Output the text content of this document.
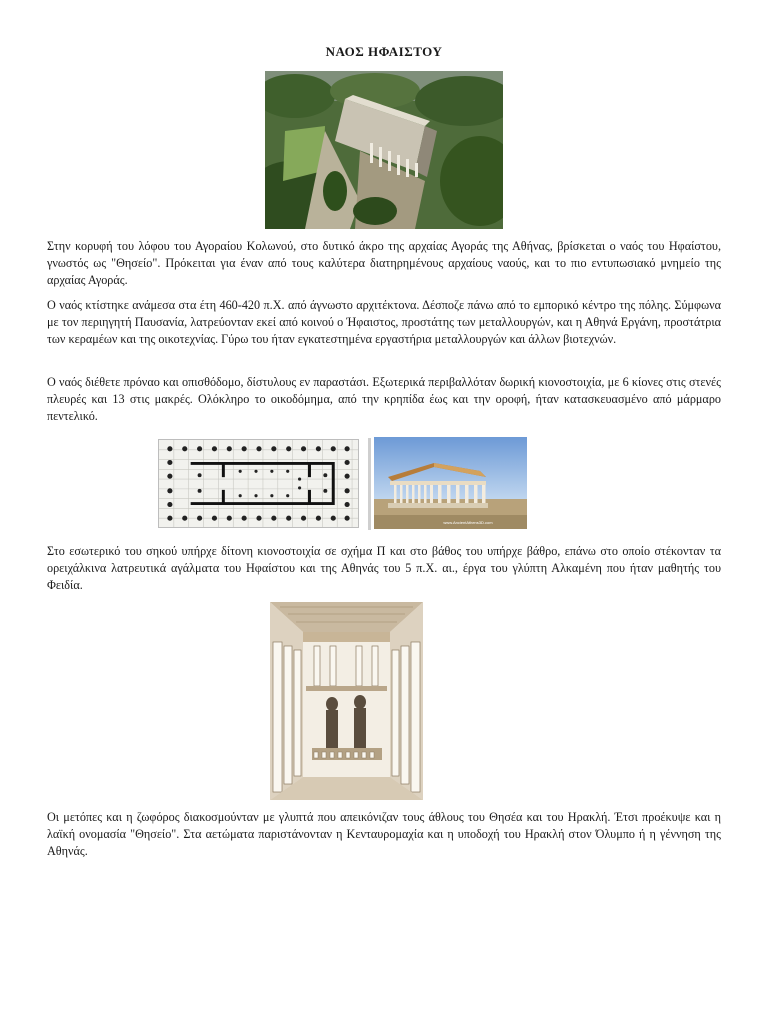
ΝΑΟΣ ΗΦΑΙΣΤΟΥ

Στην κορυφή του λόφου του Αγοραίου Κολωνού, στο δυτικό άκρο της αρχαίας Αγοράς της Αθήνας, βρίσκεται ο ναός του Ηφαίστου, γνωστός ως "Θησείο". Πρόκειται για έναν από τους καλύτερα διατηρημένους αρχαίους ναούς, και το πιο εντυπωσιακό μνημείο της αρχαίας Αγοράς.

Ο ναός κτίστηκε ανάμεσα στα έτη 460-420 π.Χ. από άγνωστο αρχιτέκτονα. Δέσποζε πάνω από το εμπορικό κέντρο της πόλης. Σύμφωνα με τον περιηγητή Παυσανία, λατρεύονταν εκεί από κοινού ο Ήφαιστος, προστάτης των μεταλλουργών, και η Αθηνά Εργάνη, προστάτρια των κεραμέων και της οικοτεχνίας. Γύρω του ήταν εγκατεστημένα εργαστήρια μεταλλουργών και άλλων βιοτεχνών.

Ο ναός διέθετε πρόναο και οπισθόδομο, δίστυλους εν παραστάσι. Εξωτερικά περιβαλλόταν δωρική κιονοστοιχία, με 6 κίονες στις στενές πλευρές και 13 στις μακρές. Ολόκληρο το οικοδόμημα, από την κρηπίδα έως και την οροφή, ήταν κατασκευασμένο από μάρμαρο πεντελικό.

www.AncientAthens3D.com

Στο εσωτερικό του σηκού υπήρχε δίτονη κιονοστοιχία σε σχήμα Π και στο βάθος του υπήρχε βάθρο, επάνω στο οποίο στέκονταν τα ορειχάλκινα λατρευτικά αγάλματα του Ηφαίστου και της Αθηνάς του 5 π.Χ. αι., έργα του γλύπτη Αλκαμένη που ήταν μαθητής του Φειδία.

Οι μετόπες και η ζωφόρος διακοσμούνταν με γλυπτά που απεικόνιζαν τους άθλους του Θησέα και του Ηρακλή. Έτσι προέκυψε και η λαϊκή ονομασία "Θησείο". Στα αετώματα παριστάνονταν η Κενταυρομαχία και η υποδοχή του Ηρακλή στον Όλυμπο ή η γέννηση της Αθηνάς.
